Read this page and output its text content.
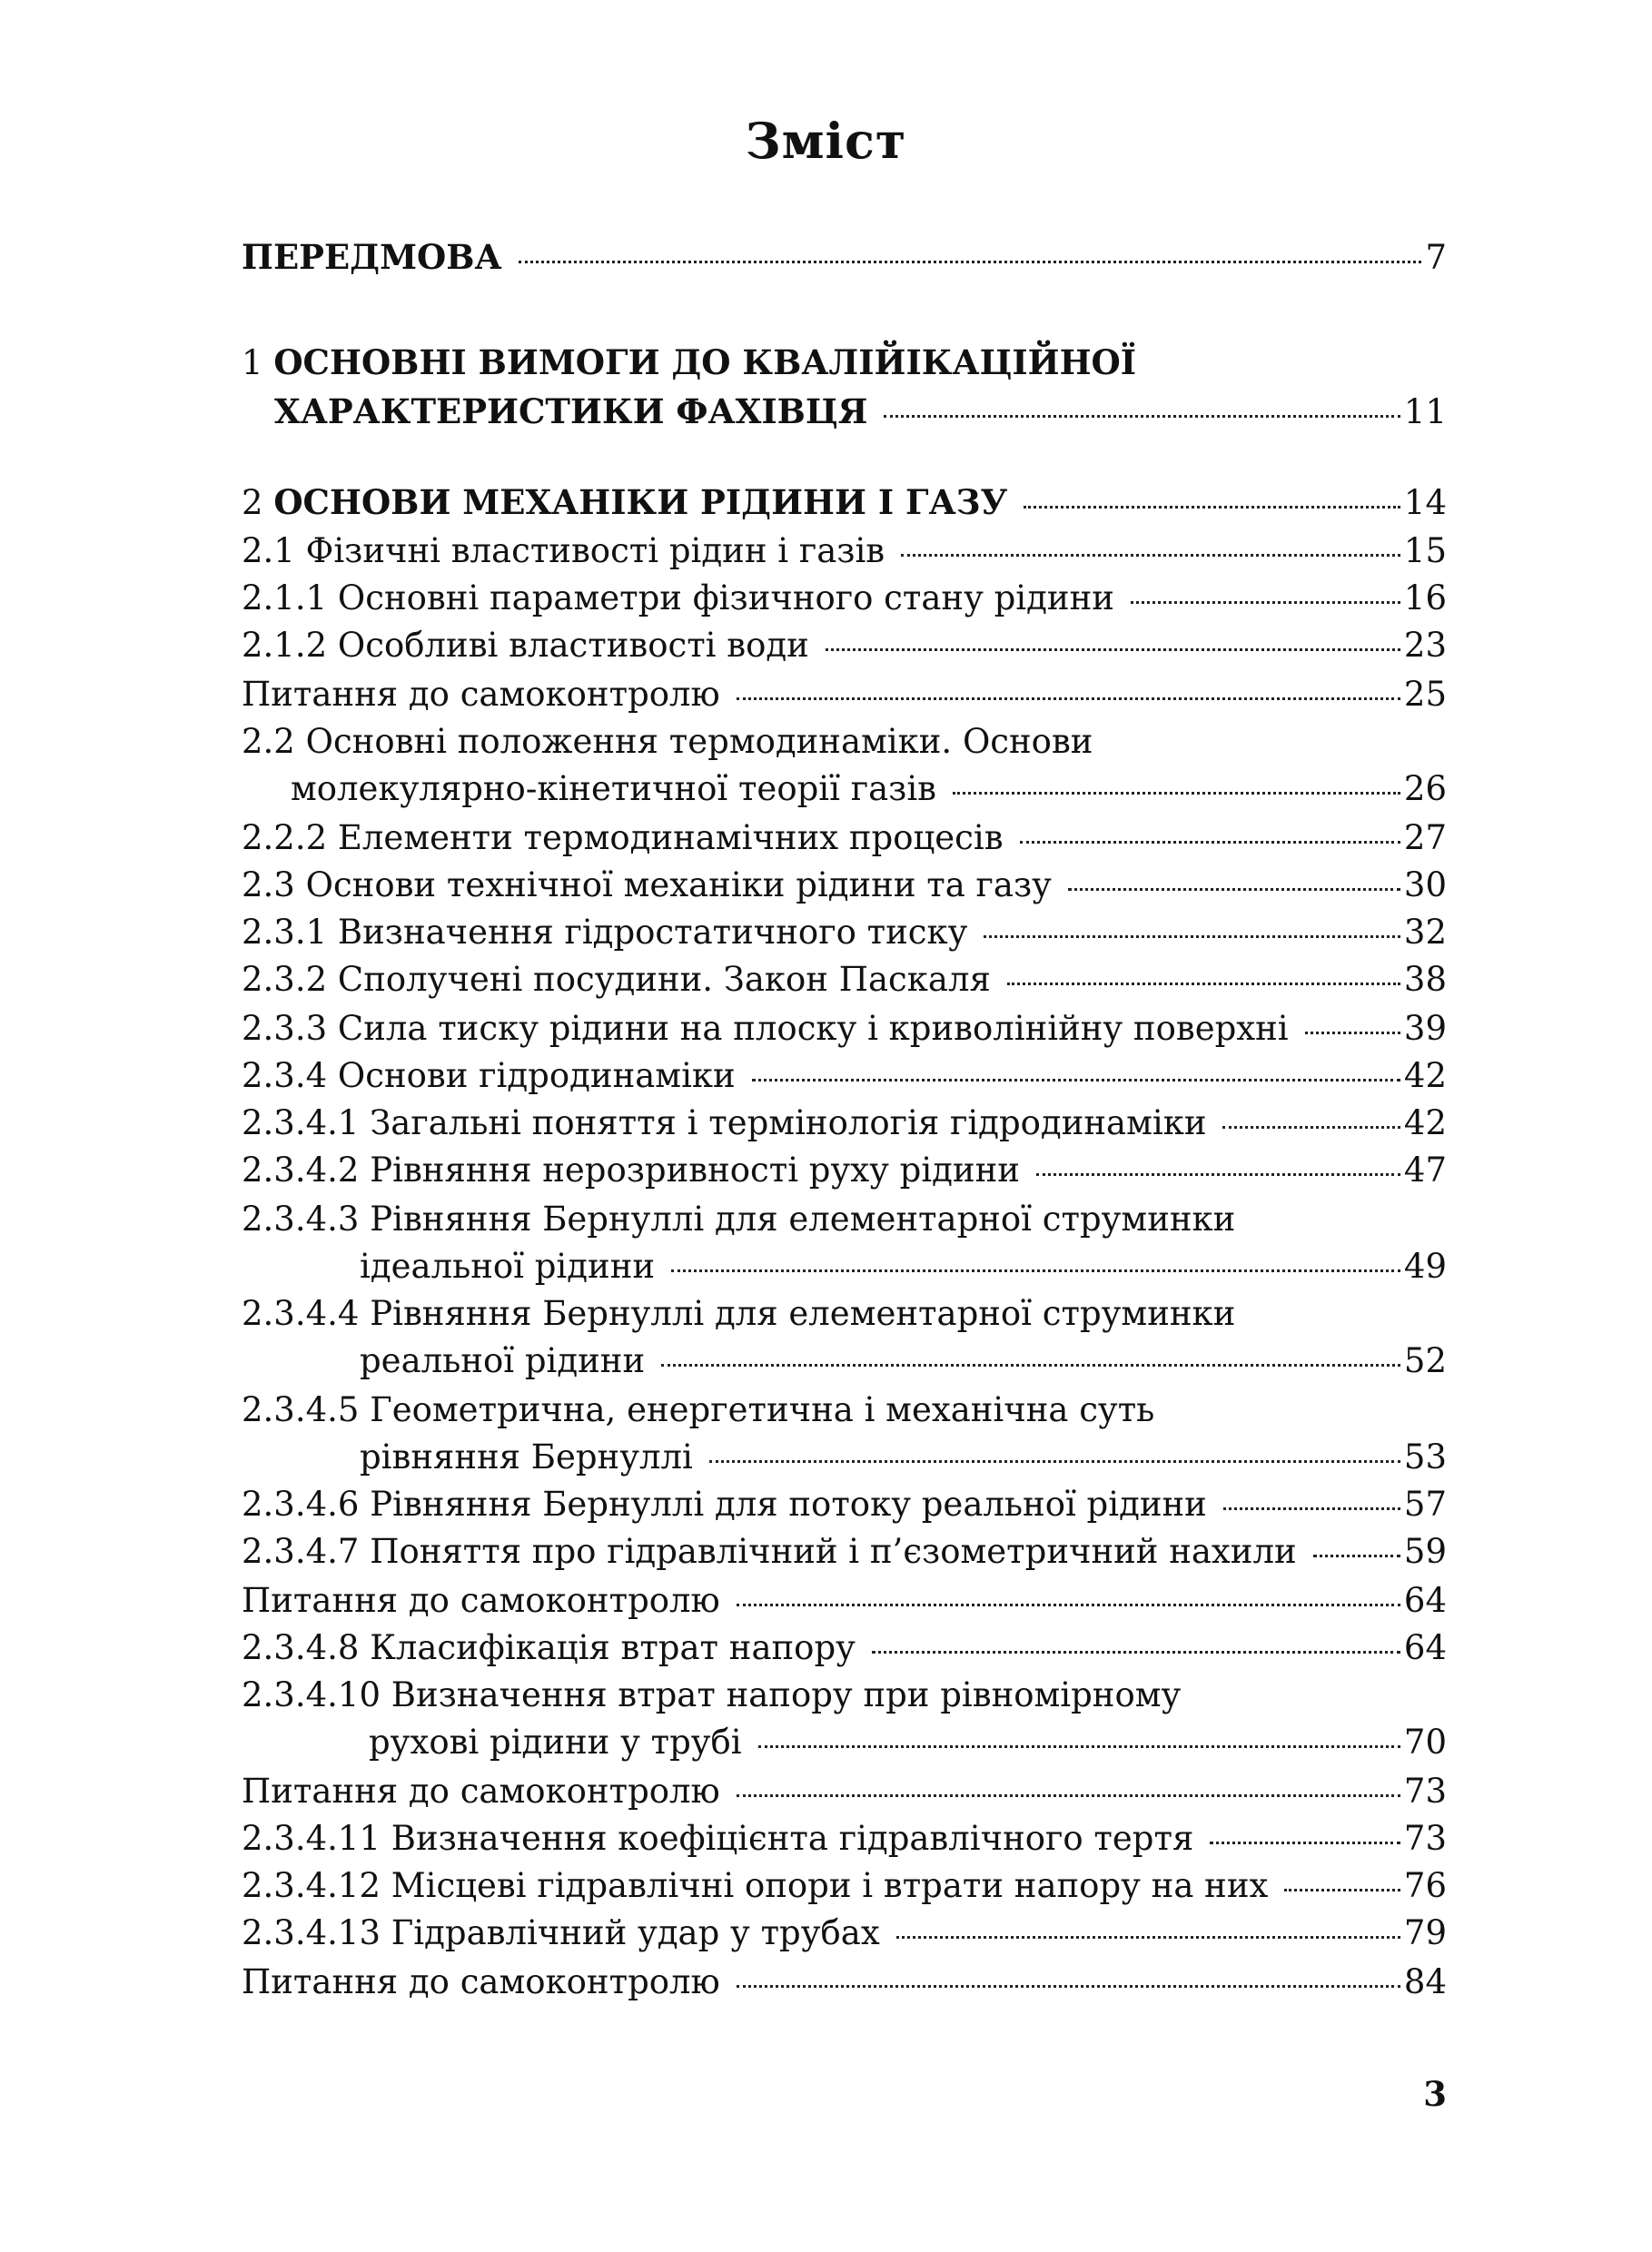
Зміст
ПЕРЕДМОВА	7
1 ОСНОВНІ ВИМОГИ ДО КВАЛІЙІКАЦІЙНОЇ
ХАРАКТЕРИСТИКИ ФАХІВЦЯ	11
2 ОСНОВИ МЕХАНІКИ РІДИНИ І ГАЗУ	14
2.1 Фізичні властивості рідин і газів	15
2.1.1 Основні параметри фізичного стану рідини	16
2.1.2 Особливі властивості води	23
Питання до самоконтролю	25
2.2 Основні положення термодинаміки. Основи
молекулярно-кінетичної теорії газів	26
2.2.2 Елементи термодинамічних процесів	27
2.3 Основи технічної механіки рідини та газу	30
2.3.1 Визначення гідростатичного тиску	32
2.3.2 Сполучені посудини. Закон Паскаля	38
2.3.3 Сила тиску рідини на плоску і криволінійну поверхні	39
2.3.4 Основи гідродинаміки	42
2.3.4.1 Загальні поняття і термінологія гідродинаміки	42
2.3.4.2 Рівняння нерозривності руху рідини	47
2.3.4.3 Рівняння Бернуллі для елементарної струминки
ідеальної рідини	49
2.3.4.4 Рівняння Бернуллі для елементарної струминки
реальної рідини	52
2.3.4.5 Геометрична, енергетична і механічна суть
рівняння Бернуллі	53
2.3.4.6 Рівняння Бернуллі для потоку реальної рідини	57
2.3.4.7 Поняття про гідравлічний і п’єзометричний нахили	59
Питання до самоконтролю	64
2.3.4.8 Класифікація втрат напору	64
2.3.4.10 Визначення втрат напору при рівномірному
рухові рідини у трубі	70
Питання до самоконтролю	73
2.3.4.11 Визначення коефіцієнта гідравлічного тертя	73
2.3.4.12 Місцеві гідравлічні опори і втрати напору на них	76
2.3.4.13 Гідравлічний удар у трубах	79
Питання до самоконтролю	84
3
